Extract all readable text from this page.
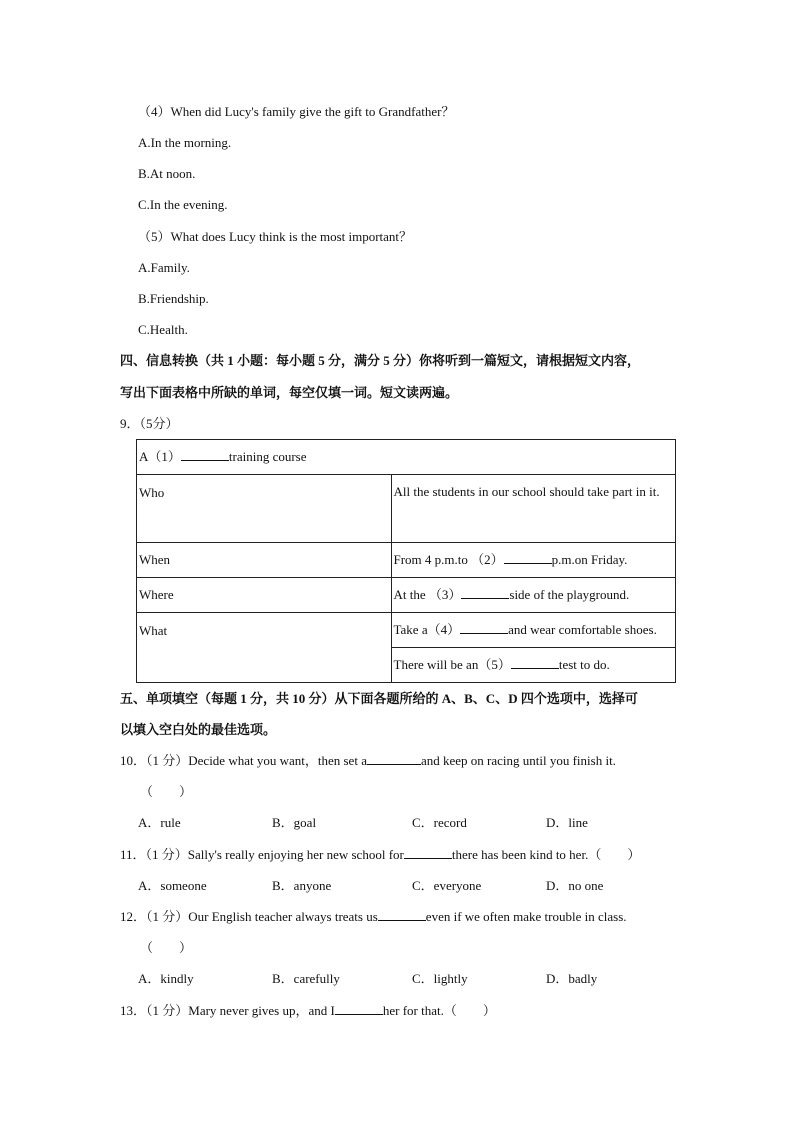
（4）When did Lucy's family give the gift to Grandfather？
A.In the morning.
B.At noon.
C.In the evening.
（5）What does Lucy think is the most important？
A.Family.
B.Friendship.
C.Health.
四、信息转换（共 1 小题：每小题 5 分，满分 5 分）你将听到一篇短文，请根据短文内容，
写出下面表格中所缺的单词，每空仅填一词。短文读两遍。
9．（5分）
A（1） training course	
Who	All the students in our school should take part in it.
When	From 4 p.m.to （2） p.m.on Friday.
Where	At the （3） side of the playground.
What	Take a（4） and wear comfortable shoes.
	There will be an（5） test to do.
五、单项填空（每题 1 分，共 10 分）从下面各题所给的 A、B、C、D 四个选项中，选择可
以填入空白处的最佳选项。
10．（1 分）Decide what you want，then set a	and keep on racing until you finish it.
（　　）
A．rule	B．goal	C．record	D．line
11．（1 分）Sally's really enjoying her new school for	there has been kind to her.（　　）
A．someone	B．anyone	C．everyone	D．no one
12．（1 分）Our English teacher always treats us	even if we often make trouble in class.
（　　）
A．kindly	B．carefully	C．lightly	D．badly
13．（1 分）Mary never gives up，and I	her for that.（　　）
